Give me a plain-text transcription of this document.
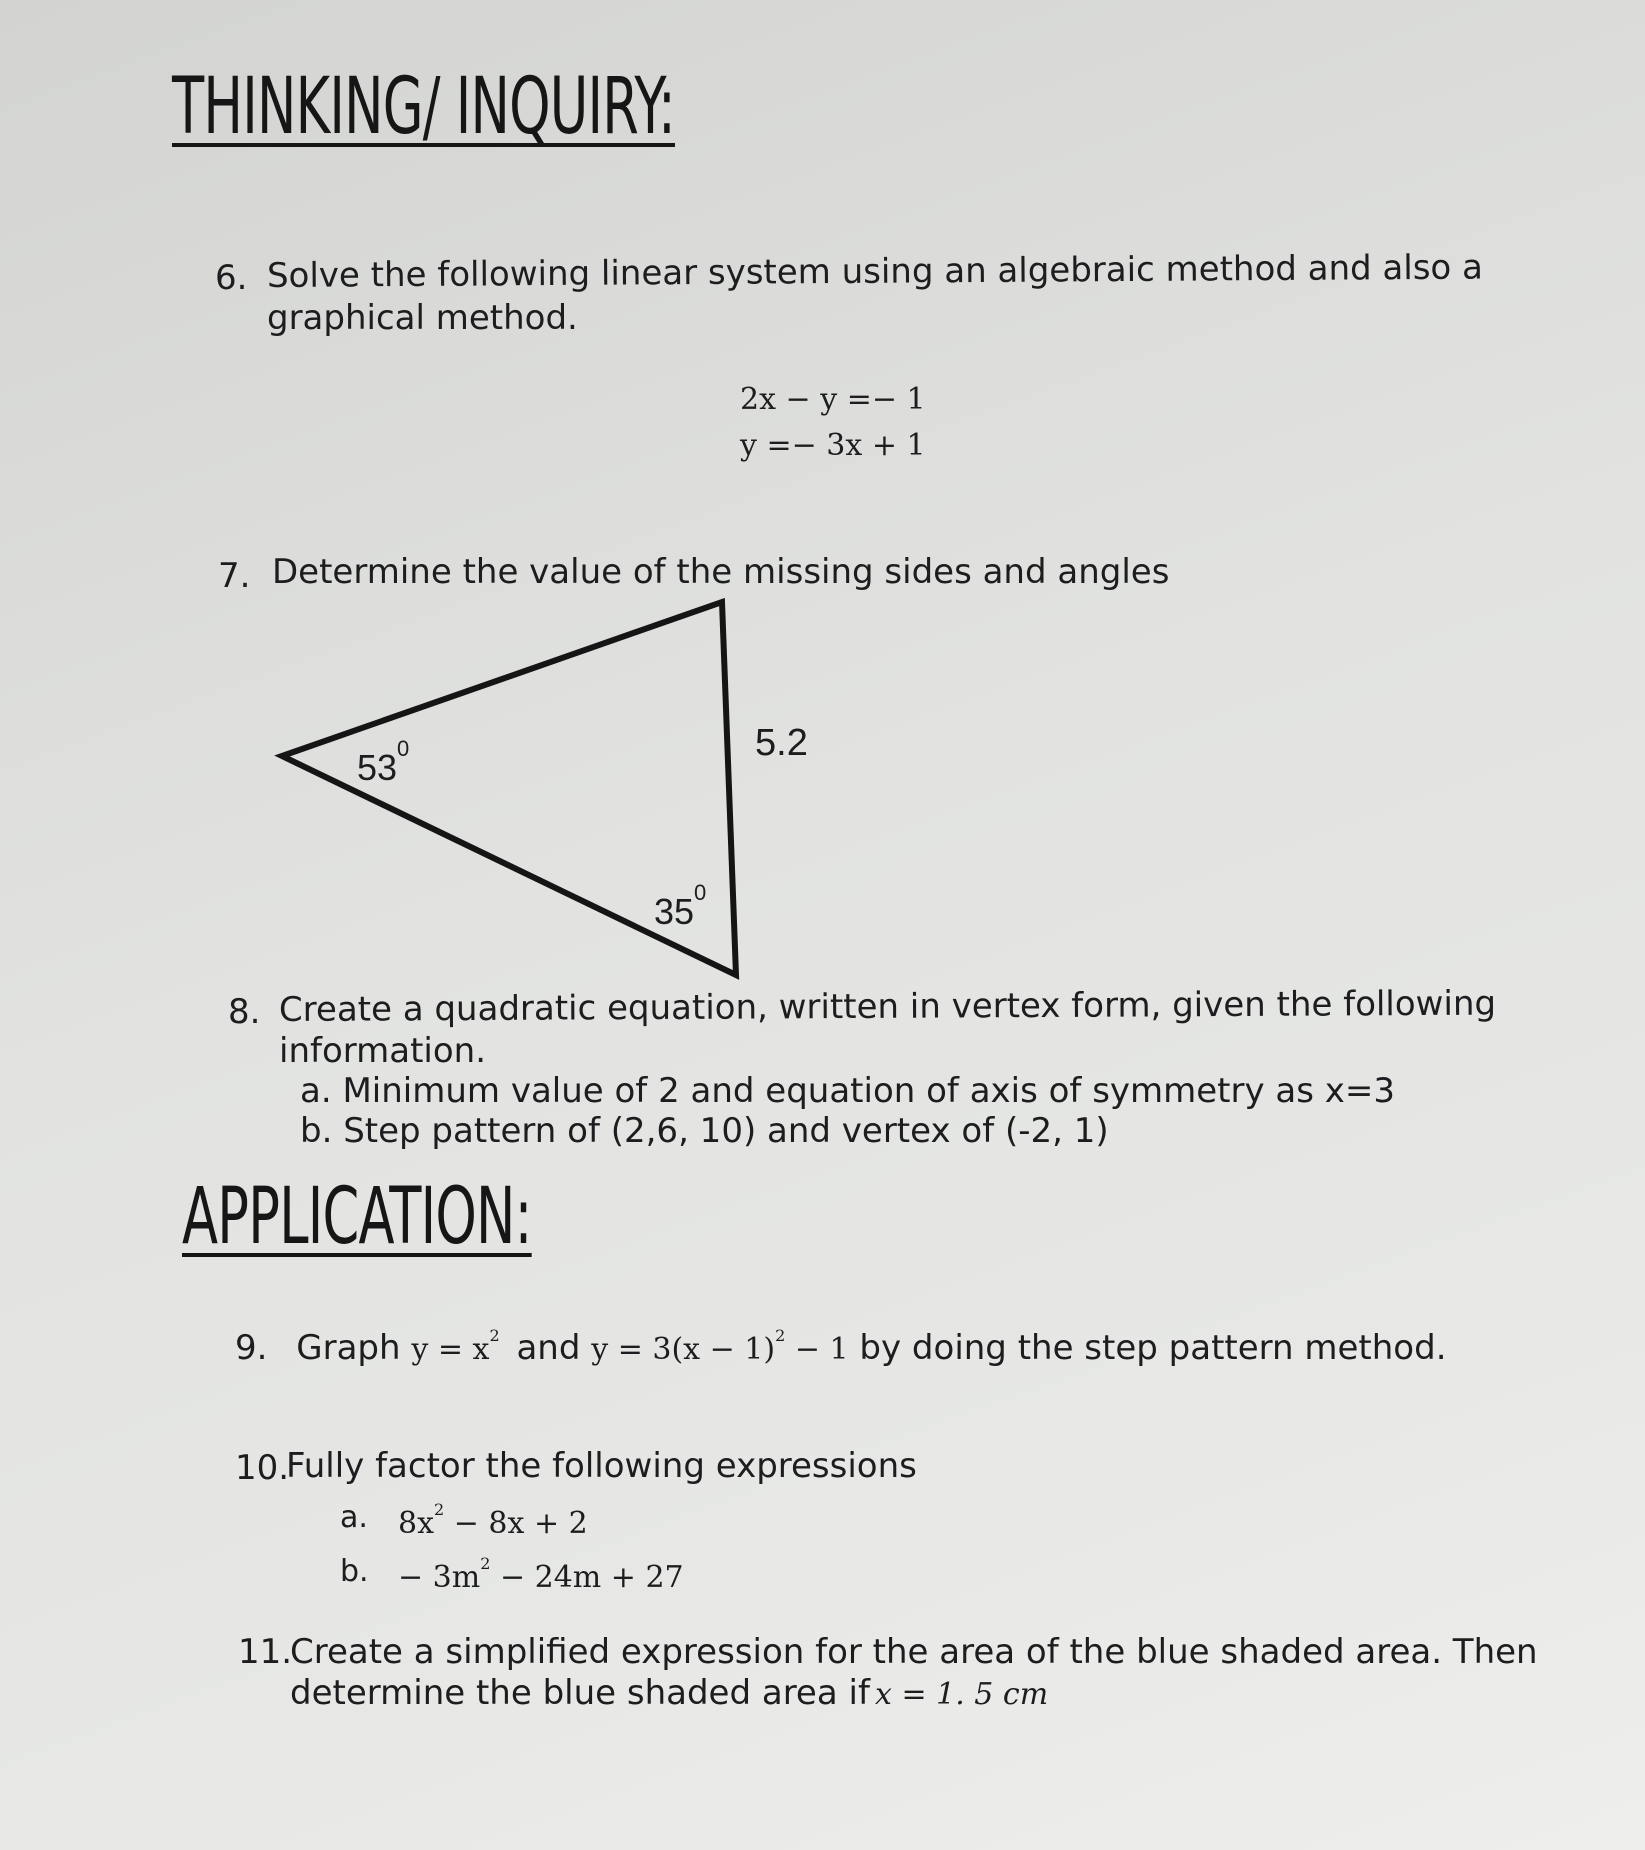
THINKING/ INQUIRY:
6. Solve the following linear system using an algebraic method and also a
graphical method.
2x − y =− 1
y =− 3x + 1
7. Determine the value of the missing sides and angles
$53^0$
$35^0$
5.2
8. Create a quadratic equation, written in vertex form, given the following
information.
a. Minimum value of 2 and equation of axis of symmetry as x=3
b. Step pattern of (2,6, 10) and vertex of (-2, 1)
APPLICATION:
9. Graph $y = x^2$ and $y = 3(x - 1)^2 - 1$ by doing the step pattern method.
10.
Fully factor the following expressions
a. $8x^2 - 8x + 2$
b. − $3m^2 - 24m + 27$
11.
Create a simplified expression for the area of the blue shaded area. Then
determine the blue shaded area if x = 1. 5 cm
